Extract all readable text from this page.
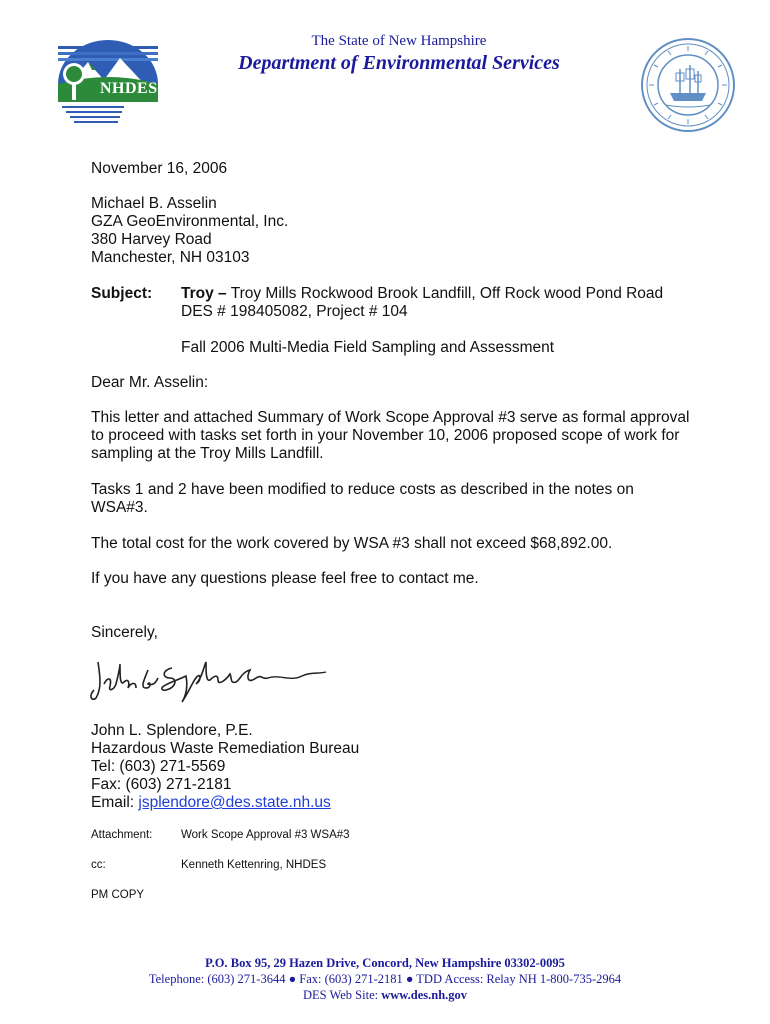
NHDES
The State of New Hampshire
Department of Environmental Services
November 16, 2006
Michael B. Asselin
GZA GeoEnvironmental, Inc.
380 Harvey Road
Manchester, NH 03103
Subject: Troy – Troy Mills Rockwood Brook Landfill, Off Rock wood Pond Road
DES # 198405082, Project # 104
Fall 2006 Multi-Media Field Sampling and Assessment
Dear Mr. Asselin:
This letter and attached Summary of Work Scope Approval #3 serve as formal approval
to proceed with tasks set forth in your November 10, 2006 proposed scope of work for
sampling at the Troy Mills Landfill.
Tasks 1 and 2 have been modified to reduce costs as described in the notes on
WSA#3.
The total cost for the work covered by WSA #3 shall not exceed $68,892.00.
If you have any questions please feel free to contact me.
Sincerely,
John L. Splendore, P.E.
Hazardous Waste Remediation Bureau
Tel: (603) 271-5569
Fax: (603) 271-2181
Email: jsplendore@des.state.nh.us
Attachment: Work Scope Approval #3 WSA#3
cc:	Kenneth Kettenring, NHDES
PM COPY
P.O. Box 95, 29 Hazen Drive, Concord, New Hampshire 03302-0095
Telephone: (603) 271-3644 ● Fax: (603) 271-2181 ● TDD Access: Relay NH 1-800-735-2964
DES Web Site: www.des.nh.gov
